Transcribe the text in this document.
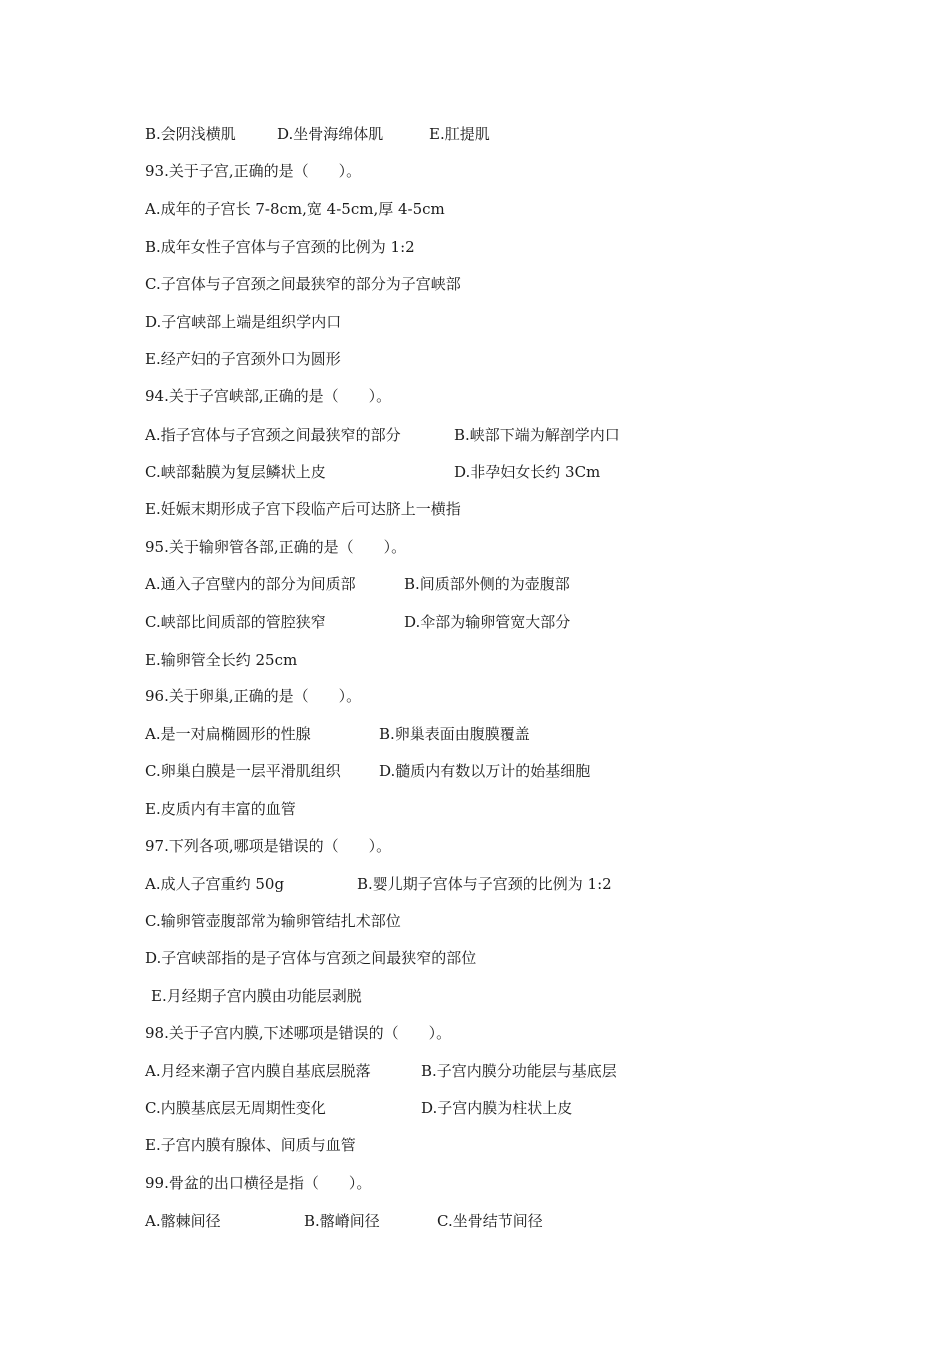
B.会阴浅横肌	D.坐骨海绵体肌	E.肛提肌
93.关于子宫,正确的是（　　）。
A.成年的子宫长 7-8cm,宽 4-5cm,厚 4-5cm
B.成年女性子宫体与子宫颈的比例为 1:2
C.子宫体与子宫颈之间最狭窄的部分为子宫峡部
D.子宫峡部上端是组织学内口
E.经产妇的子宫颈外口为圆形
94.关于子宫峡部,正确的是（　　）。
A.指子宫体与子宫颈之间最狭窄的部分	B.峡部下端为解剖学内口
C.峡部黏膜为复层鳞状上皮	D.非孕妇女长约 3Cm
E.妊娠末期形成子宫下段临产后可达脐上一横指
95.关于输卵管各部,正确的是（　　）。
A.通入子宫壁内的部分为间质部	B.间质部外侧的为壶腹部
C.峡部比间质部的管腔狭窄	D.伞部为输卵管宽大部分
E.输卵管全长约 25cm
96.关于卵巢,正确的是（　　）。
A.是一对扁椭圆形的性腺	B.卵巢表面由腹膜覆盖
C.卵巢白膜是一层平滑肌组织	D.髓质内有数以万计的始基细胞
E.皮质内有丰富的血管
97.下列各项,哪项是错误的（　　）。
A.成人子宫重约 50g	B.婴儿期子宫体与子宫颈的比例为 1:2
C.输卵管壶腹部常为输卵管结扎术部位
D.子宫峡部指的是子宫体与宫颈之间最狭窄的部位
E.月经期子宫内膜由功能层剥脱
98.关于子宫内膜,下述哪项是错误的（　　）。
A.月经来潮子宫内膜自基底层脱落	B.子宫内膜分功能层与基底层
C.内膜基底层无周期性变化	D.子宫内膜为柱状上皮
E.子宫内膜有腺体、间质与血管
99.骨盆的出口横径是指（　　）。
A.髂棘间径	B.髂嵴间径	C.坐骨结节间径
